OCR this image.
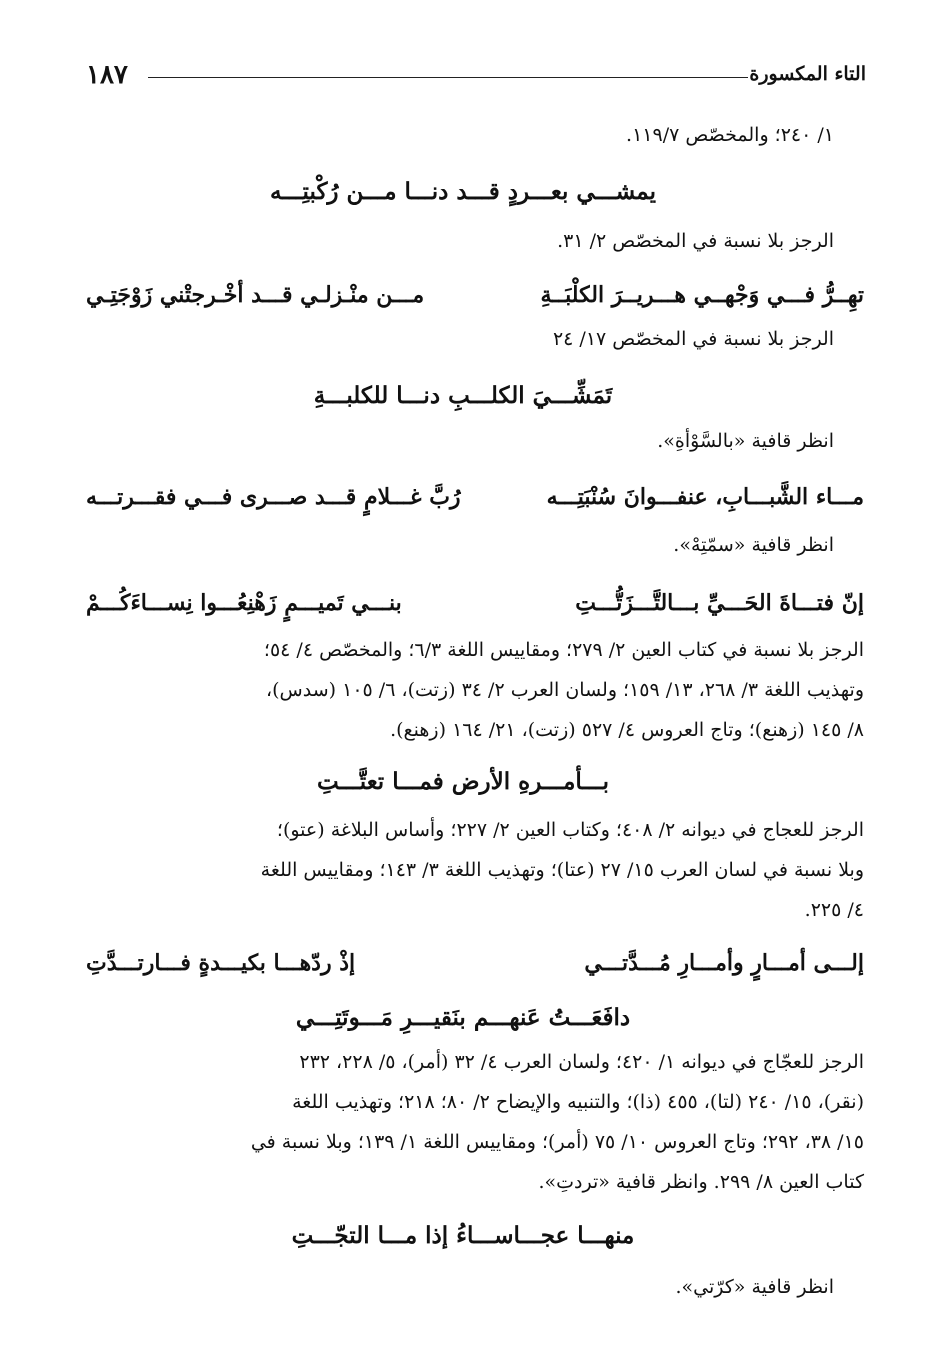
١٨٧	التاء المكسورة
١/ ٢٤٠؛ والمخصّص ١١٩/٧.
يمشـــي بعـــردٍ قـــد دنـــا مـــن رُكْبتِـــه
الرجز بلا نسبة في المخصّص ٢/ ٣١.
مـــن منْـزلـي قـــد أخْـرجتْني زَوْجَتِـي	تهِــرُّ فـــي وَجْهــي هـــريــرَ الكلْبَــةِ
الرجز بلا نسبة في المخصّص ١٧/ ٢٤
تَمَشِّـــيَ الكلـــبِ دنـــا للكلبـــةِ
انظر قافية «بالسَّوْأةِ».
رُبَّ غـــلامٍ قـــد صـــرى فـــي فقـــرتـــه	مـــاء الشَّبـــابِ، عنفـــوانَ سُنْبَتِـــه
انظر قافية «سمّتِهْ».
بنـــي تَميـــمٍ زَهْنِعُـــوا نِســـاءَكُـــمْ	إنّ فتـــاةَ الحَـــيِّ بـــالتَّـــزَتُّـــتِ
الرجز بلا نسبة في كتاب العين ٢/ ٢٧٩؛ ومقاييس اللغة ٦/٣؛ والمخصّص ٤/ ٥٤؛
وتهذيب اللغة ٣/ ٢٦٨، ١٣/ ١٥٩؛ ولسان العرب ٢/ ٣٤ (زتت)، ٦/ ١٠٥ (سدس)،
٨/ ١٤٥ (زهنع)؛ وتاج العروس ٤/ ٥٢٧ (زتت)، ٢١/ ١٦٤ (زهنع).
بـــأمـــرهِ الأرض فمـــا تعتَّـــتِ
الرجز للعجاج في ديوانه ٢/ ٤٠٨؛ وكتاب العين ٢/ ٢٢٧؛ وأساس البلاغة (عتو)؛
وبلا نسبة في لسان العرب ١٥/ ٢٧ (عتا)؛ وتهذيب اللغة ٣/ ١٤٣؛ ومقاييس اللغة
٤/ ٢٢٥.
إذْ ردّهـــا بكيـــدةٍ فـــارتـــدَّتِ	إلـــى أمـــارٍ وأمـــارِ مُـــدَّتـــي
دافَعَـــتُ عَنهـــم بنَقيـــرِ مَـــوتَتِـــي
الرجز للعجّاج في ديوانه ١/ ٤٢٠؛ ولسان العرب ٤/ ٣٢ (أمر)، ٥/ ٢٢٨، ٢٣٢
(نقر)، ١٥/ ٢٤٠ (لتا)، ٤٥٥ (ذا)؛ والتنبيه والإيضاح ٢/ ٨٠؛ ٢١٨؛ وتهذيب اللغة
١٥/ ٣٨، ٢٩٢؛ وتاج العروس ١٠/ ٧٥ (أمر)؛ ومقاييس اللغة ١/ ١٣٩؛ وبلا نسبة في
كتاب العين ٨/ ٢٩٩. وانظر قافية «تردتِ».
منهـــا عجـــاســـاءُ إذا مـــا التجّـــتِ
انظر قافية «كرّتي».
